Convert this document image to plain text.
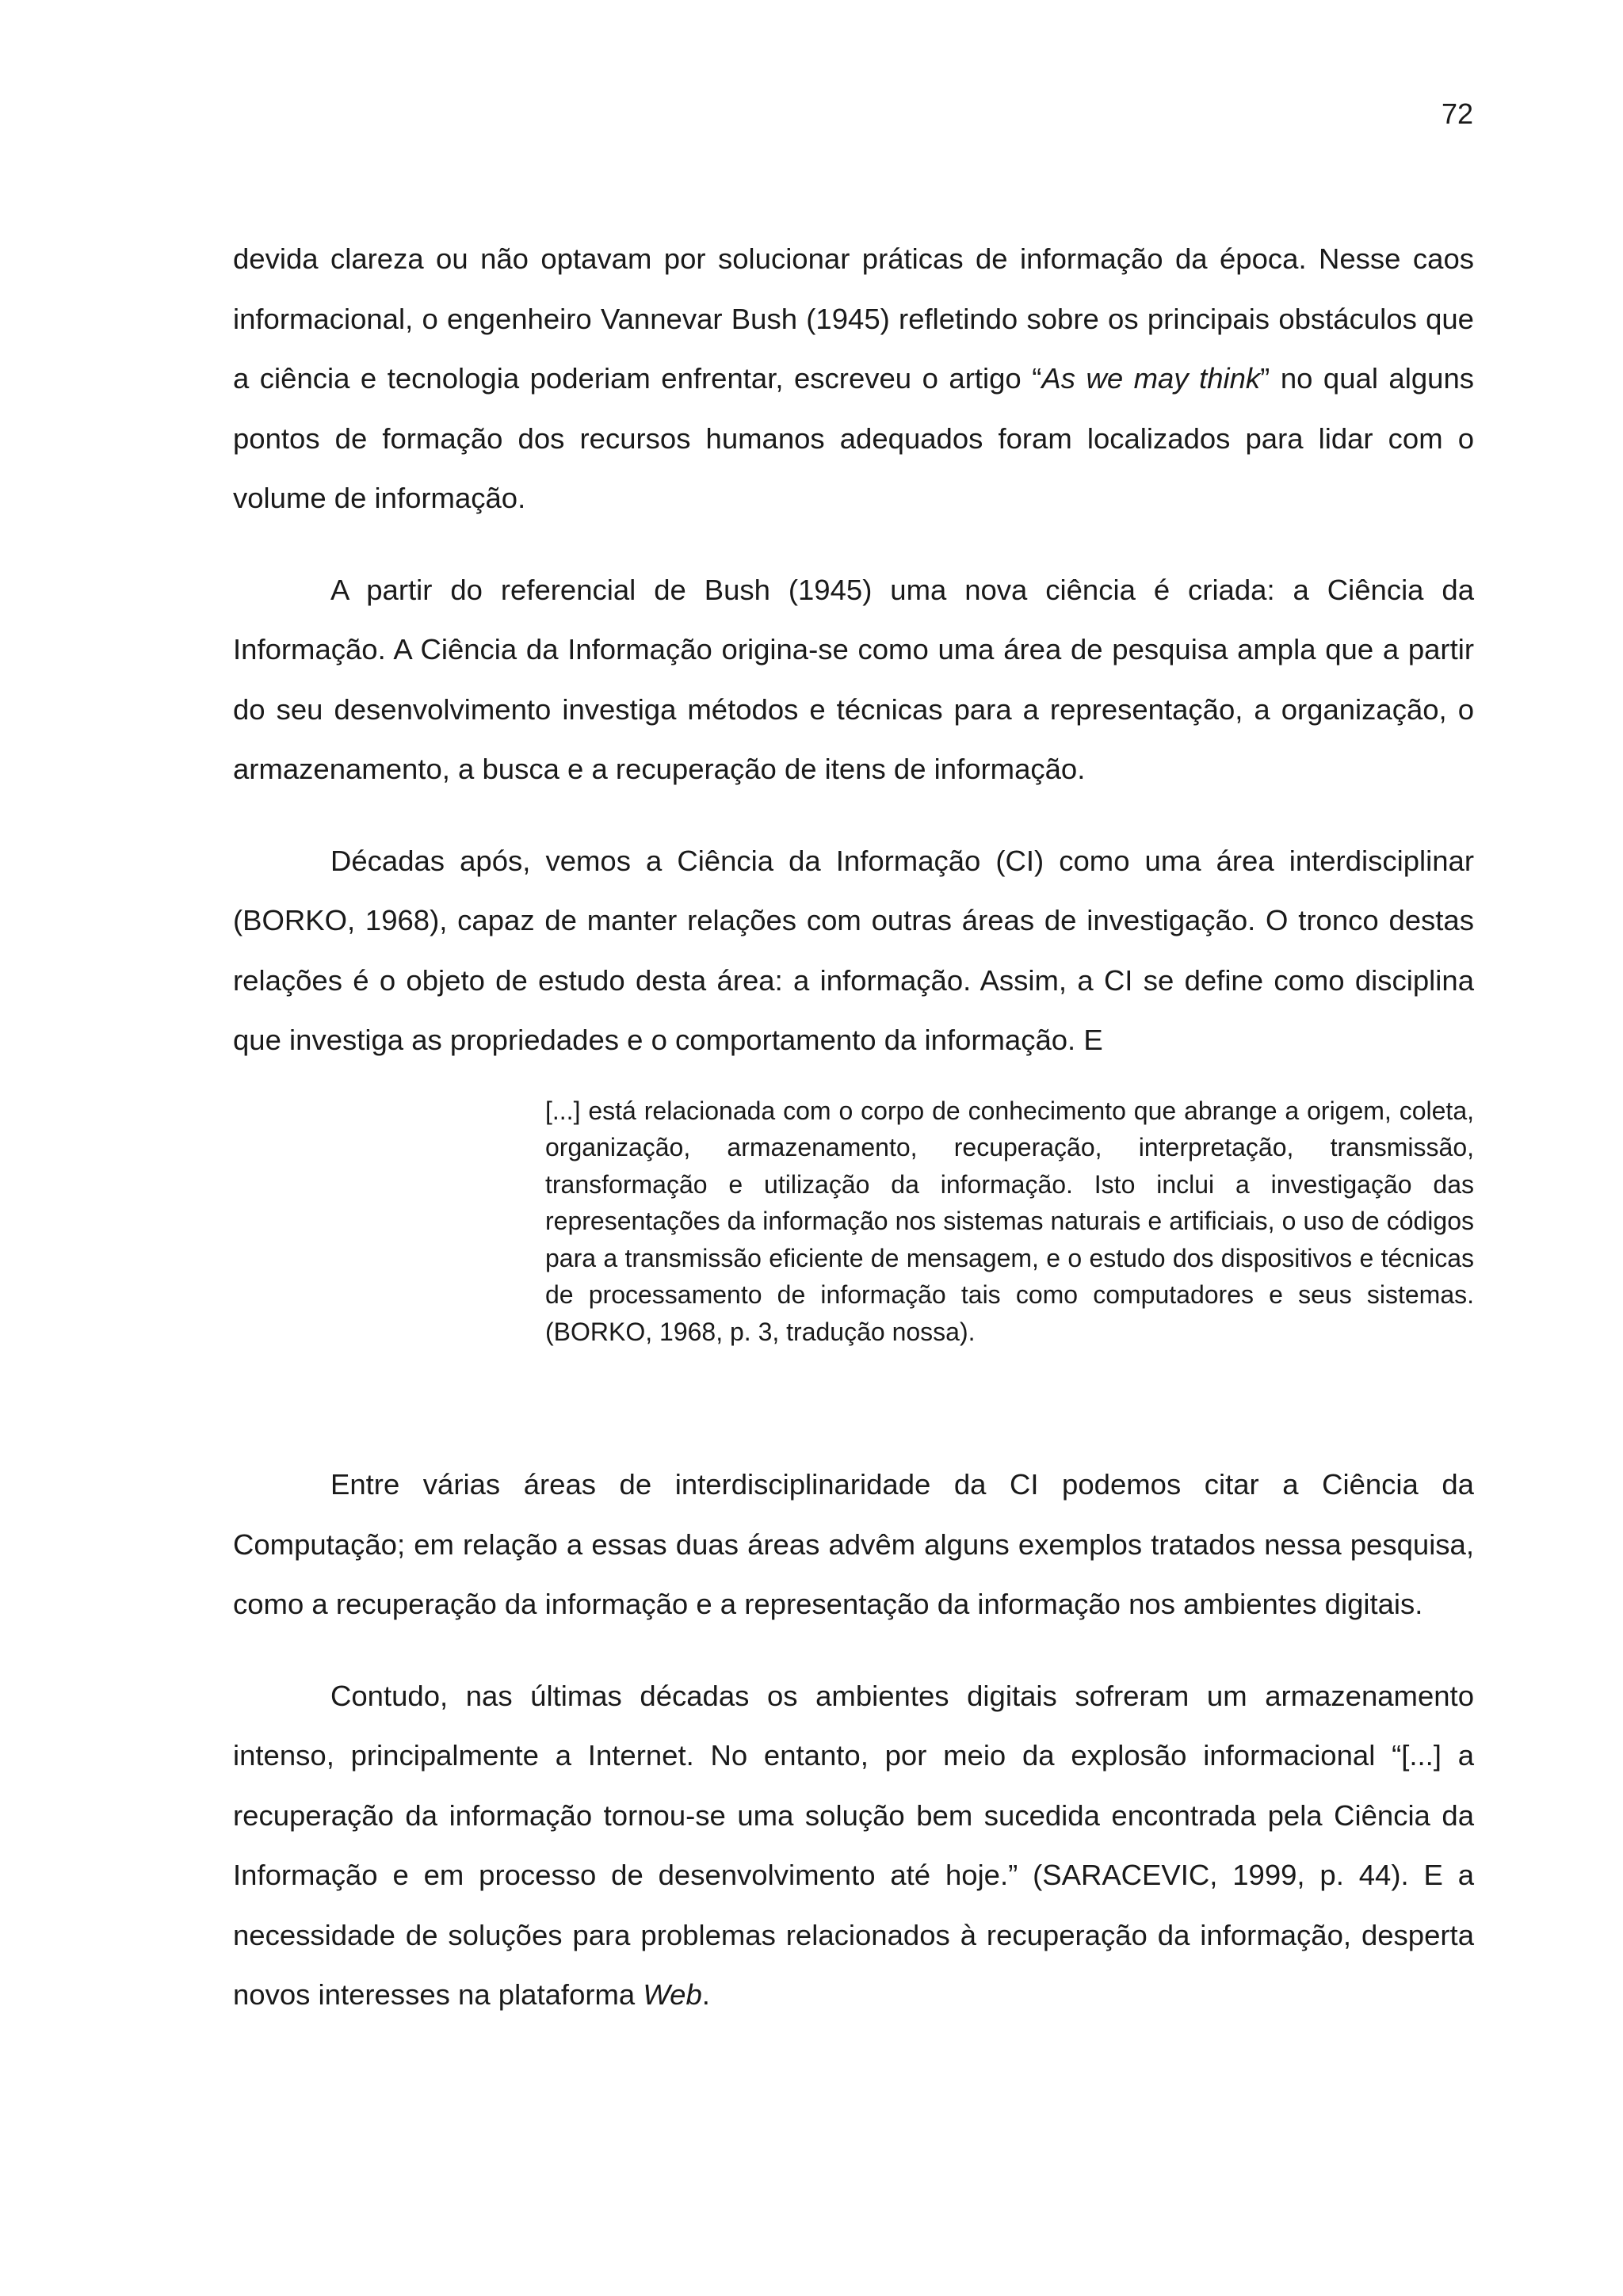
72

devida clareza ou não optavam por solucionar práticas de informação da época. Nesse caos informacional, o engenheiro Vannevar Bush (1945) refletindo sobre os principais obstáculos que a ciência e tecnologia poderiam enfrentar, escreveu o artigo “As we may think” no qual alguns pontos de formação dos recursos humanos adequados foram localizados para lidar com o volume de informação.

A partir do referencial de Bush (1945) uma nova ciência é criada: a Ciência da Informação. A Ciência da Informação origina-se como uma área de pesquisa ampla que a partir do seu desenvolvimento investiga métodos e técnicas para a representação, a organização, o armazenamento, a busca e a recuperação de itens de informação.

Décadas após, vemos a Ciência da Informação (CI) como uma área interdisciplinar (BORKO, 1968), capaz de manter relações com outras áreas de investigação. O tronco destas relações é o objeto de estudo desta área: a informação. Assim, a CI se define como disciplina que investiga as propriedades e o comportamento da informação. E

[...] está relacionada com o corpo de conhecimento que abrange a origem, coleta, organização, armazenamento, recuperação, interpretação, transmissão, transformação e utilização da informação. Isto inclui a investigação das representações da informação nos sistemas naturais e artificiais, o uso de códigos para a transmissão eficiente de mensagem, e o estudo dos dispositivos e técnicas de processamento de informação tais como computadores e seus sistemas. (BORKO, 1968, p. 3, tradução nossa).

Entre várias áreas de interdisciplinaridade da CI podemos citar a Ciência da Computação; em relação a essas duas áreas advêm alguns exemplos tratados nessa pesquisa, como a recuperação da informação e a representação da informação nos ambientes digitais.

Contudo, nas últimas décadas os ambientes digitais sofreram um armazenamento intenso, principalmente a Internet. No entanto, por meio da explosão informacional “[...] a recuperação da informação tornou-se uma solução bem sucedida encontrada pela Ciência da Informação e em processo de desenvolvimento até hoje.” (SARACEVIC, 1999, p. 44). E a necessidade de soluções para problemas relacionados à recuperação da informação, desperta novos interesses na plataforma Web.
